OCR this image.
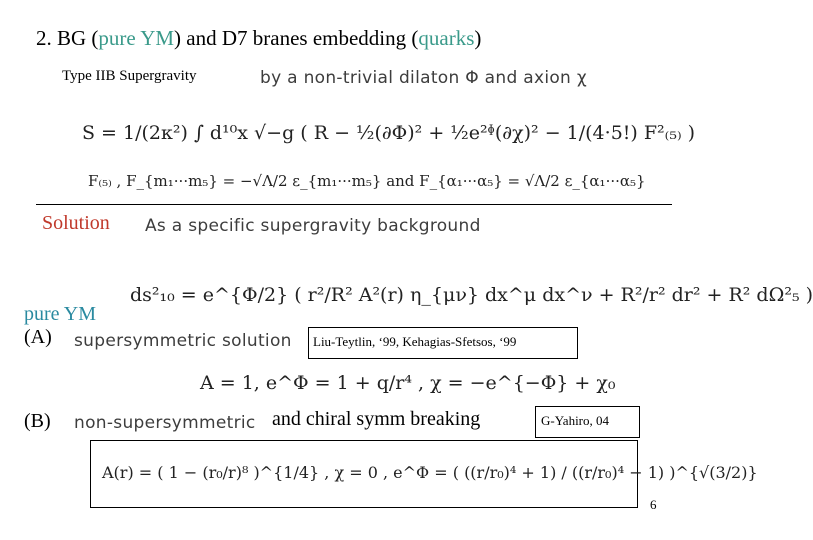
2. BG (pure YM) and D7 branes embedding (quarks)
Type IIB Supergravity	by a non-trivial dilaton Φ and axion χ
S = 1/(2κ²) ∫ d¹⁰x √−g ( R − ½(∂Φ)² + ½e²ᶲ(∂χ)² − 1/(4·5!) F²₍₅₎ )
F₍₅₎ , F_{m₁···m₅} = −√Λ/2 ε_{m₁···m₅} and F_{α₁···α₅} = √Λ/2 ε_{α₁···α₅}
Solution As a specific supergravity background
ds²₁₀ = e^{Φ/2} ( r²/R² A²(r) η_{μν} dx^μ dx^ν + R²/r² dr² + R² dΩ²₅ )
pure YM
(A) supersymmetric solution Liu-Teytlin, ‘99, Kehagias-Sfetsos, ‘99
A = 1, e^Φ = 1 + q/r⁴ , χ = −e^{−Φ} + χ₀
(B) non-supersymmetric and chiral symm breaking	G-Yahiro, 04
A(r) = ( 1 − (r₀/r)⁸ )^{1/4} , χ = 0 , e^Φ = ( ((r/r₀)⁴ + 1) / ((r/r₀)⁴ − 1) )^{√(3/2)}
6
